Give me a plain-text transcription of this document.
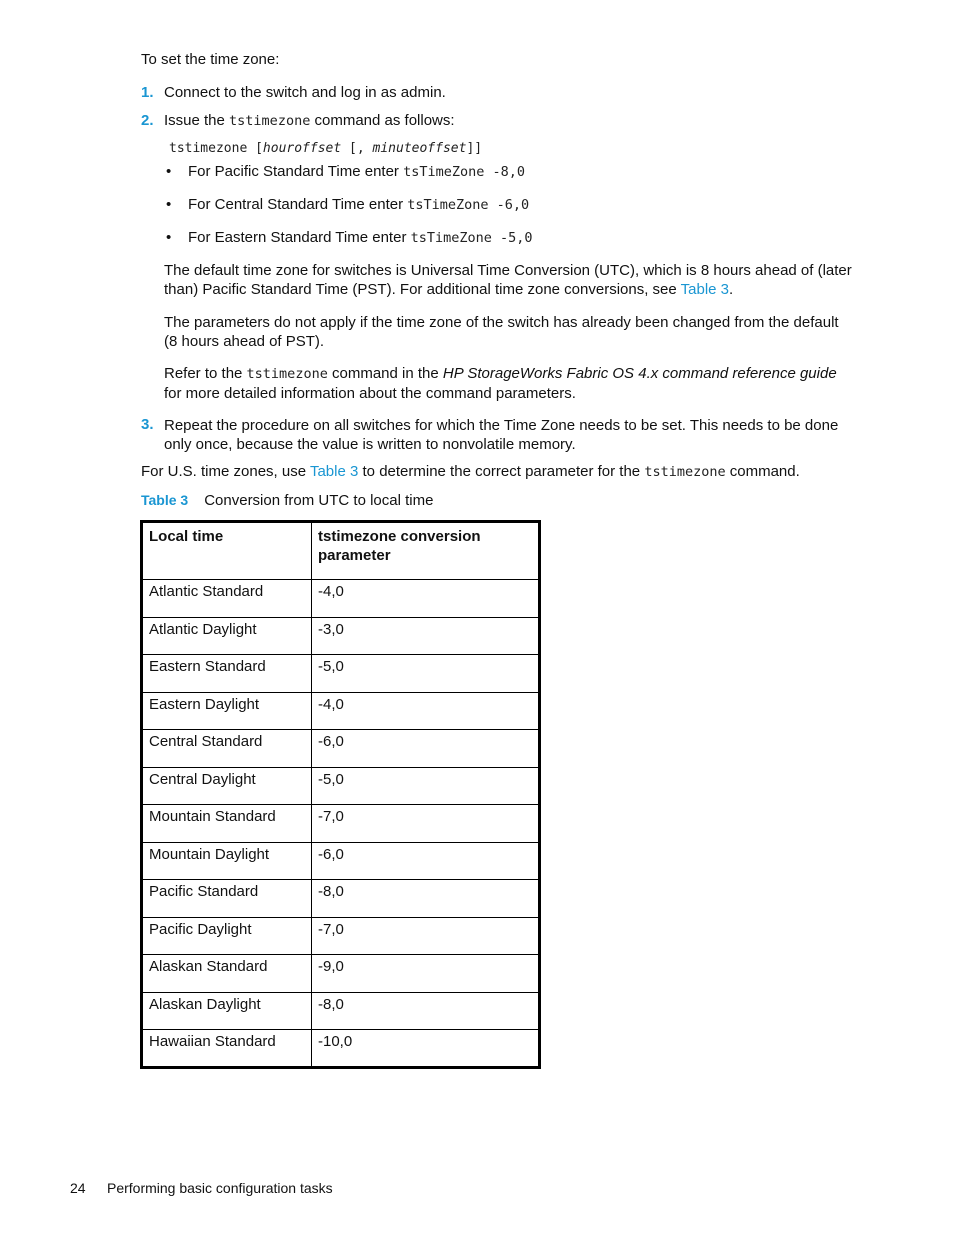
To set the time zone:
1. Connect to the switch and log in as admin.
2. Issue the tstimezone command as follows:
tstimezone [houroffset [, minuteoffset]]
• For Pacific Standard Time enter tsTimeZone -8,0
• For Central Standard Time enter tsTimeZone -6,0
• For Eastern Standard Time enter tsTimeZone -5,0
The default time zone for switches is Universal Time Conversion (UTC), which is 8 hours ahead of (later than) Pacific Standard Time (PST). For additional time zone conversions, see Table 3.
The parameters do not apply if the time zone of the switch has already been changed from the default (8 hours ahead of PST).
Refer to the tstimezone command in the HP StorageWorks Fabric OS 4.x command reference guide for more detailed information about the command parameters.
3. Repeat the procedure on all switches for which the Time Zone needs to be set. This needs to be done only once, because the value is written to nonvolatile memory.
For U.S. time zones, use Table 3 to determine the correct parameter for the tstimezone command.
Table 3 Conversion from UTC to local time
Local time	tstimezone conversion parameter
Atlantic Standard	-4,0
Atlantic Daylight	-3,0
Eastern Standard	-5,0
Eastern Daylight	-4,0
Central Standard	-6,0
Central Daylight	-5,0
Mountain Standard	-7,0
Mountain Daylight	-6,0
Pacific Standard	-8,0
Pacific Daylight	-7,0
Alaskan Standard	-9,0
Alaskan Daylight	-8,0
Hawaiian Standard	-10,0
24 Performing basic configuration tasks
